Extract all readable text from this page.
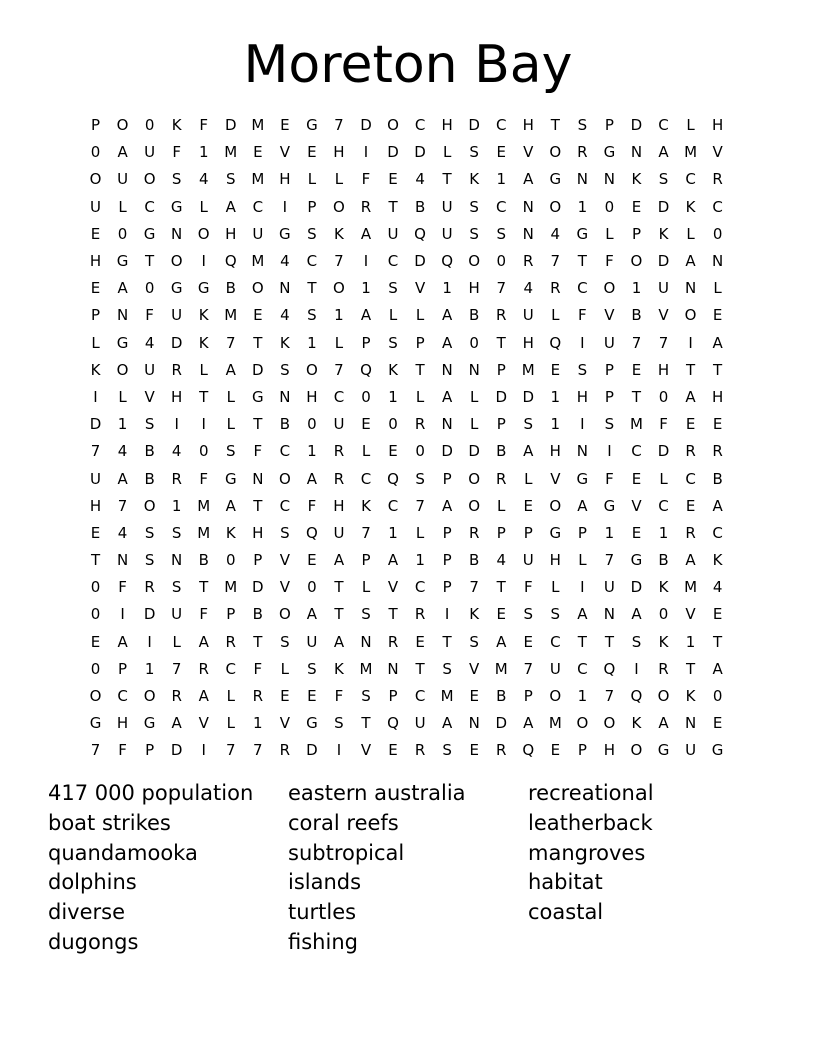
Moreton Bay
P	O	0	K	F	D M	E	G	7	D	O	C	H	D	C	H	T	S	P	D	C	L	H
0	A	U	F	1	M	E	V	E	H	I	D	D	L	S	E	V	O	R	G	N	A	M	V
O	U	O	S	4	S	M H	L	L	F	E	4	T	K	1	A	G	N	N	K	S	C	R
U	L	C	G	L	A	C	I	P	O	R	T	B	U	S	C	N	O	1	0	E	D	K	C
E	0	G	N	O	H	U	G	S	K	A	U	Q	U	S	S	N	4	G	L	P	K	L	0
H	G	T	O	I	Q M	4	C	7	I	C	D	Q	O	0	R	7	T	F	O	D	A	N
E	A	0	G	G	B	O	N	T	O	1	S	V	1	H	7	4	R	C	O	1	U	N	L
P	N	F	U	K	M	E	4	S	1	A	L	L	A	B	R	U	L	F	V	B	V	O	E
L	G	4	D	K	7	T	K	1	L	P	S	P	A	0	T	H	Q	I	U	7	7	I	A
K	O	U	R	L	A	D	S	O	7	Q	K	T	N	N	P	M	E	S	P	E	H	T	T
I	L	V	H	T	L	G	N	H	C	0	1	L	A	L	D	D	1	H	P	T	0	A	H
D	1	S	I	I	L	T	B	0	U	E	0	R	N	L	P	S	1	I	S	M	F	E	E
7	4	B	4	0	S	F	C	1	R	L	E	0	D	D	B	A	H	N	I	C	D	R	R
U	A	B	R	F	G	N	O	A	R	C	Q	S	P	O	R	L	V	G	F	E	L	C	B
H	7	O	1	M	A	T	C	F	H	K	C	7	A	O	L	E	O	A	G	V	C	E	A
E	4	S	S	M	K	H	S	Q	U	7	1	L	P	R	P	P	G	P	1	E	1	R	C
T	N	S	N	B	0	P	V	E	A	P	A	1	P	B	4	U	H	L	7	G	B	A	K
0	F	R	S	T	M D	V	0	T	L	V	C	P	7	T	F	L	I	U	D	K	M	4
0	I	D	U	F	P	B	O	A	T	S	T	R	I	K	E	S	S	A	N	A	0	V	E
E	A	I	L	A	R	T	S	U	A	N	R	E	T	S	A	E	C	T	T	S	K	1	T
0	P	1	7	R	C	F	L	S	K	M N	T	S	V	M	7	U	C	Q	I	R	T	A
O	C	O	R	A	L	R	E	E	F	S	P	C	M	E	B	P	O	1	7	Q	O	K	0
G	H	G	A	V	L	1	V	G	S	T	Q	U	A	N	D	A	M O	O	K	A	N	E
7	F	P	D	I	7	7	R	D	I	V	E	R	S	E	R	Q	E	P	H	O	G	U	G
417 000 population
boat strikes
quandamooka
dolphins
diverse
dugongs
eastern australia
coral reefs
subtropical
islands
turtles
fishing
recreational
leatherback
mangroves
habitat
coastal
